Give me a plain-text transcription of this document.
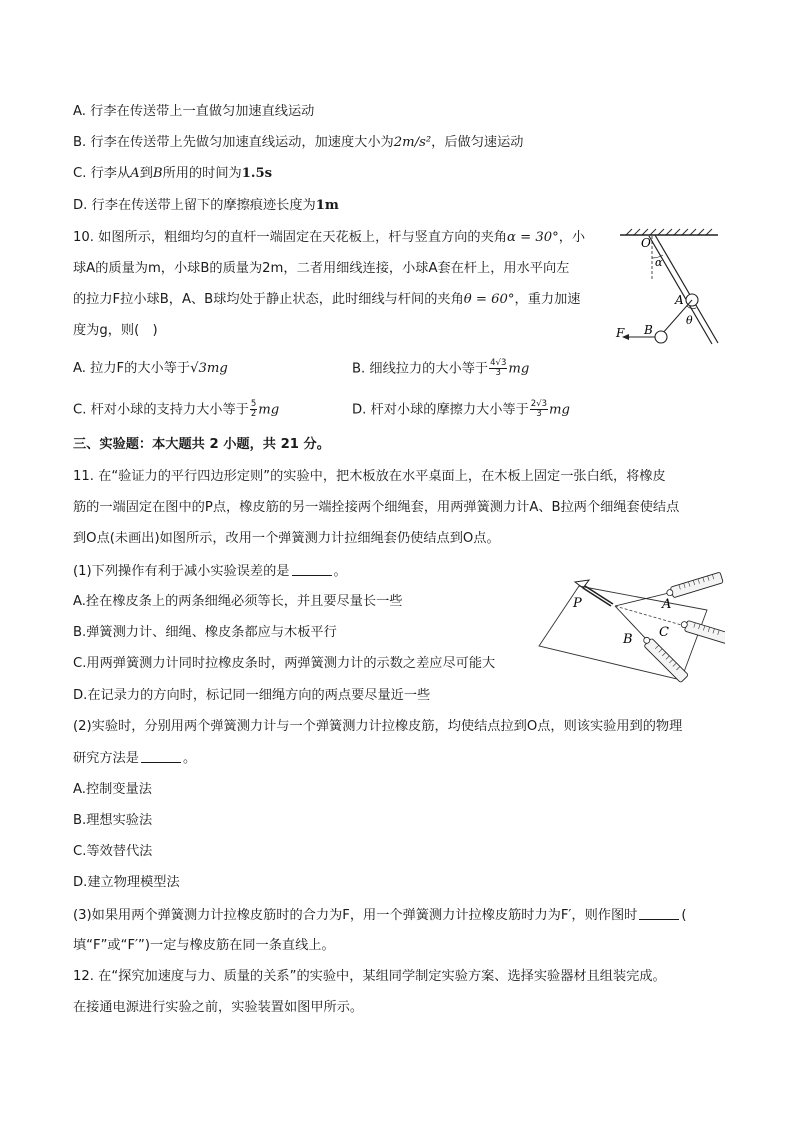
A. 行李在传送带上一直做匀加速直线运动
B. 行李在传送带上先做匀加速直线运动，加速度大小为2m/s²，后做匀速运动
C. 行李从A到B所用的时间为1.5s
D. 行李在传送带上留下的摩擦痕迹长度为1m
10. 如图所示，粗细均匀的直杆一端固定在天花板上，杆与竖直方向的夹角α = 30°，小
球A的质量为m，小球B的质量为2m，二者用细线连接，小球A套在杆上，用水平向左
的拉力F拉小球B，A、B球均处于静止状态，此时细线与杆间的夹角θ = 60°，重力加速
度为g，则(　)
A. 拉力F的大小等于√3mg	B. 细线拉力的大小等于 $\frac{4√3}{3}$ mg
C. 杆对小球的支持力大小等于 $\frac{5}{2}$ mg	D. 杆对小球的摩擦力大小等于 $\frac{2√3}{3}$ mg
O
α
A
θ
B
F
三、实验题：本大题共 2 小题，共 21 分。
11. 在“验证力的平行四边形定则”的实验中，把木板放在水平桌面上，在木板上固定一张白纸，将橡皮
筋的一端固定在图中的P点，橡皮筋的另一端拴接两个细绳套，用两弹簧测力计A、B拉两个细绳套使结点
到O点(未画出)如图所示，改用一个弹簧测力计拉细绳套仍使结点到O点。
(1)下列操作有利于减小实验误差的是	。
A.拴在橡皮条上的两条细绳必须等长，并且要尽量长一些
B.弹簧测力计、细绳、橡皮条都应与木板平行
C.用两弹簧测力计同时拉橡皮条时，两弹簧测力计的示数之差应尽可能大
D.在记录力的方向时，标记同一细绳方向的两点要尽量近一些
P	A
C
B
(2)实验时，分别用两个弹簧测力计与一个弹簧测力计拉橡皮筋，均使结点拉到O点，则该实验用到的物理
研究方法是	。
A.控制变量法
B.理想实验法
C.等效替代法
D.建立物理模型法
(3)如果用两个弹簧测力计拉橡皮筋时的合力为F，用一个弹簧测力计拉橡皮筋时力为F′，则作图时	(
填“F”或“F′”)一定与橡皮筋在同一条直线上。
12. 在“探究加速度与力、质量的关系”的实验中，某组同学制定实验方案、选择实验器材且组装完成。
在接通电源进行实验之前，实验装置如图甲所示。
